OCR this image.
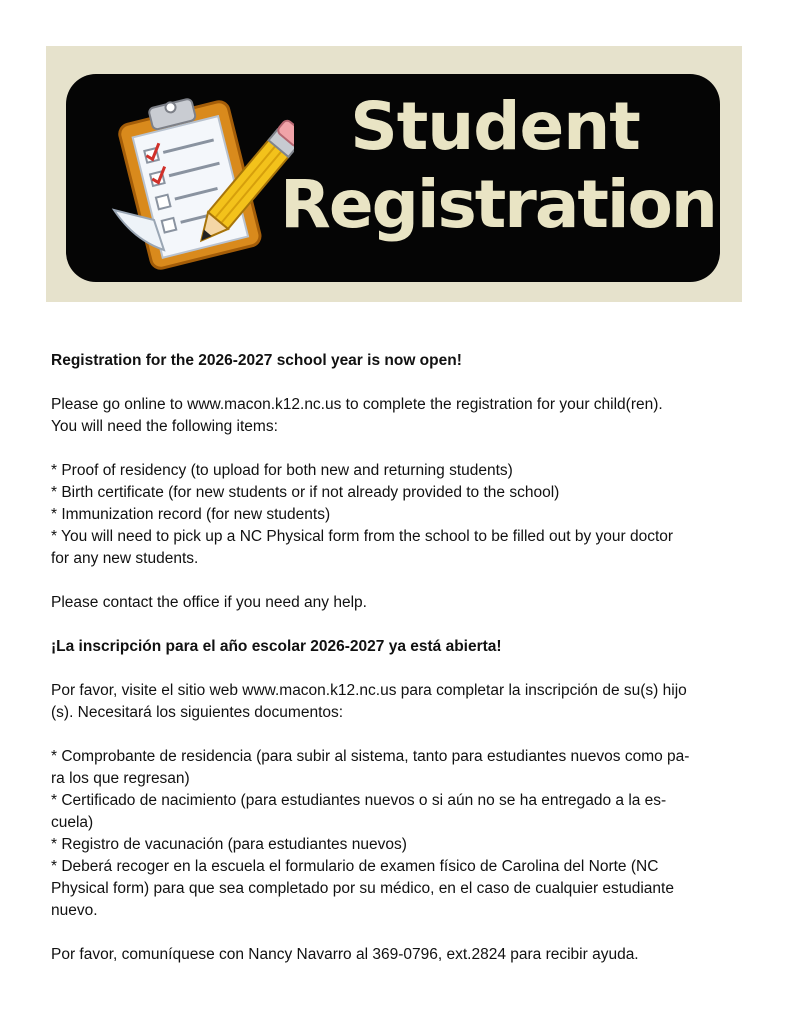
Student
Registration

Registration for the 2026-2027 school year is now open!

Please go online to www.macon.k12.nc.us to complete the registration for your child(ren).

You will need the following items:

* Proof of residency (to upload for both new and returning students)

* Birth certificate (for new students or if not already provided to the school)

* Immunization record (for new students)

* You will need to pick up a NC Physical form from the school to be filled out by your doctor

for any new students.

Please contact the office if you need any help.

¡La inscripción para el año escolar 2026-2027 ya está abierta!

Por favor, visite el sitio web www.macon.k12.nc.us para completar la inscripción de su(s) hijo

(s). Necesitará los siguientes documentos:

* Comprobante de residencia (para subir al sistema, tanto para estudiantes nuevos como pa-

ra los que regresan)

* Certificado de nacimiento (para estudiantes nuevos o si aún no se ha entregado a la es-

cuela)

* Registro de vacunación (para estudiantes nuevos)

* Deberá recoger en la escuela el formulario de examen físico de Carolina del Norte (NC

Physical form) para que sea completado por su médico, en el caso de cualquier estudiante

nuevo.

Por favor, comuníquese con Nancy Navarro al 369-0796, ext.2824 para recibir ayuda.
